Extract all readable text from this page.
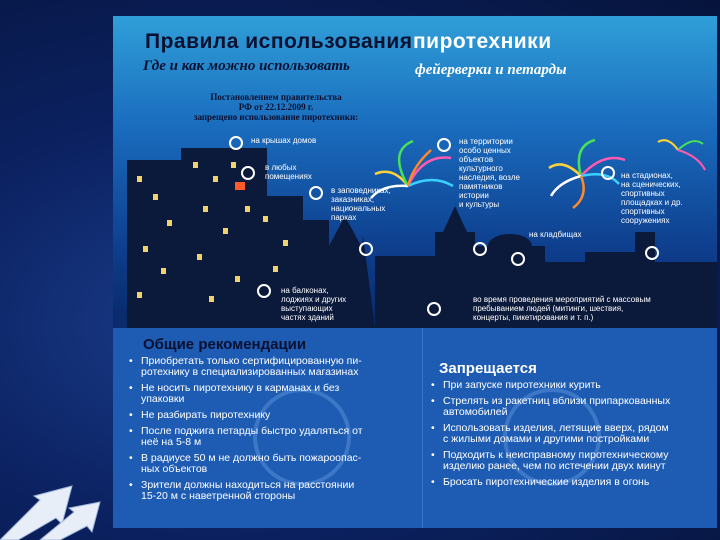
Правила использования пиротехники
Где и как можно использовать	фейерверки и петарды
Постановлением правительства
РФ от 22.12.2009 г.
запрещено использование пиротехники:
на крышах домов
в любых
помещениях
в заповедниках,
заказниках,
национальных
парках
на балконах,
лоджиях и других
выступающих
частях зданий
на территории
особо ценных
объектов
культурного
наследия, возле
памятников
истории
и культуры
на кладбищах
на стадионах,
на сценических,
спортивных
площадках и др.
спортивных
сооружениях
во время проведения мероприятий с массовым
пребыванием людей (митинги, шествия,
концерты, пикетирования и т. п.)
Общие рекомендации
• Приобретать только сертифицированную пи-
ротехнику в специализированных магазинах
• Не носить пиротехнику в карманах и без
упаковки
• Не разбирать пиротехнику
• После поджига петарды быстро удаляться от
неё на 5-8 м
• В радиусе 50 м не должно быть пожароопас-
ных объектов
• Зрители должны находиться на расстоянии
15-20 м с наветренной стороны
Запрещается
• При запуске пиротехники курить
• Стрелять из ракетниц вблизи припаркованных
автомобилей
• Использовать изделия, летящие вверх, рядом
с жилыми домами и другими постройками
• Подходить к неисправному пиротехническому
изделию ранее, чем по истечении двух минут
• Бросать пиротехнические изделия в огонь
